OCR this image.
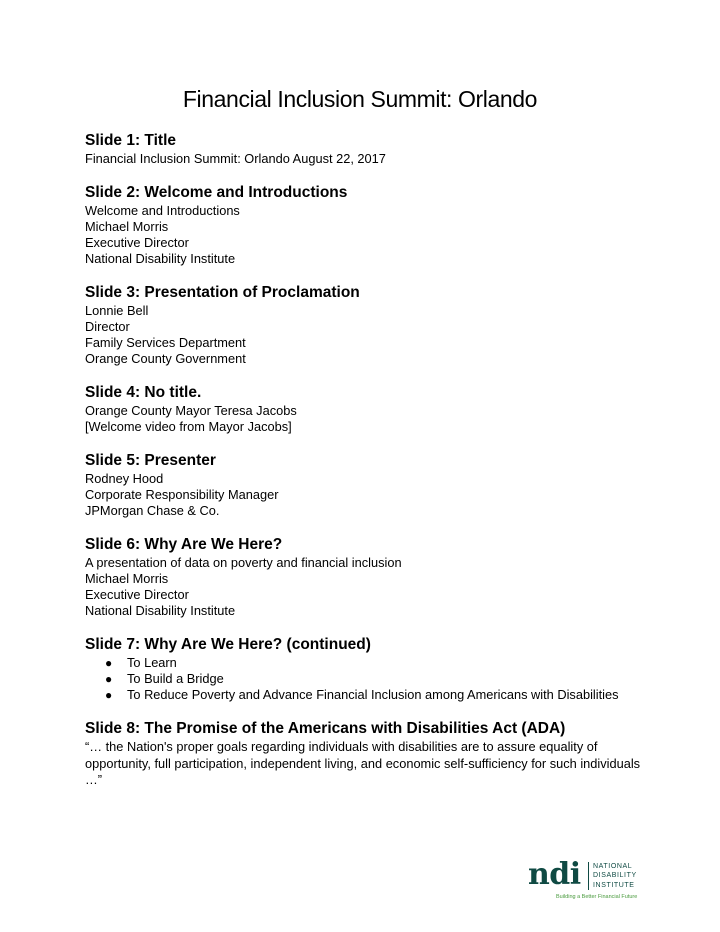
Financial Inclusion Summit: Orlando
Slide 1: Title
Financial Inclusion Summit: Orlando August 22, 2017
Slide 2: Welcome and Introductions
Welcome and Introductions
Michael Morris
Executive Director
National Disability Institute
Slide 3: Presentation of Proclamation
Lonnie Bell
Director
Family Services Department
Orange County Government
Slide 4: No title.
Orange County Mayor Teresa Jacobs
[Welcome video from Mayor Jacobs]
Slide 5: Presenter
Rodney Hood
Corporate Responsibility Manager
JPMorgan Chase & Co.
Slide 6: Why Are We Here?
A presentation of data on poverty and financial inclusion
Michael Morris
Executive Director
National Disability Institute
Slide 7: Why Are We Here? (continued)
● To Learn
● To Build a Bridge
● To Reduce Poverty and Advance Financial Inclusion among Americans with Disabilities
Slide 8: The Promise of the Americans with Disabilities Act (ADA)
“… the Nation's proper goals regarding individuals with disabilities are to assure equality of opportunity, full participation, independent living, and economic self-sufficiency for such individuals …”
ndi NATIONAL
DISABILITY
INSTITUTE
Building a Better Financial Future
